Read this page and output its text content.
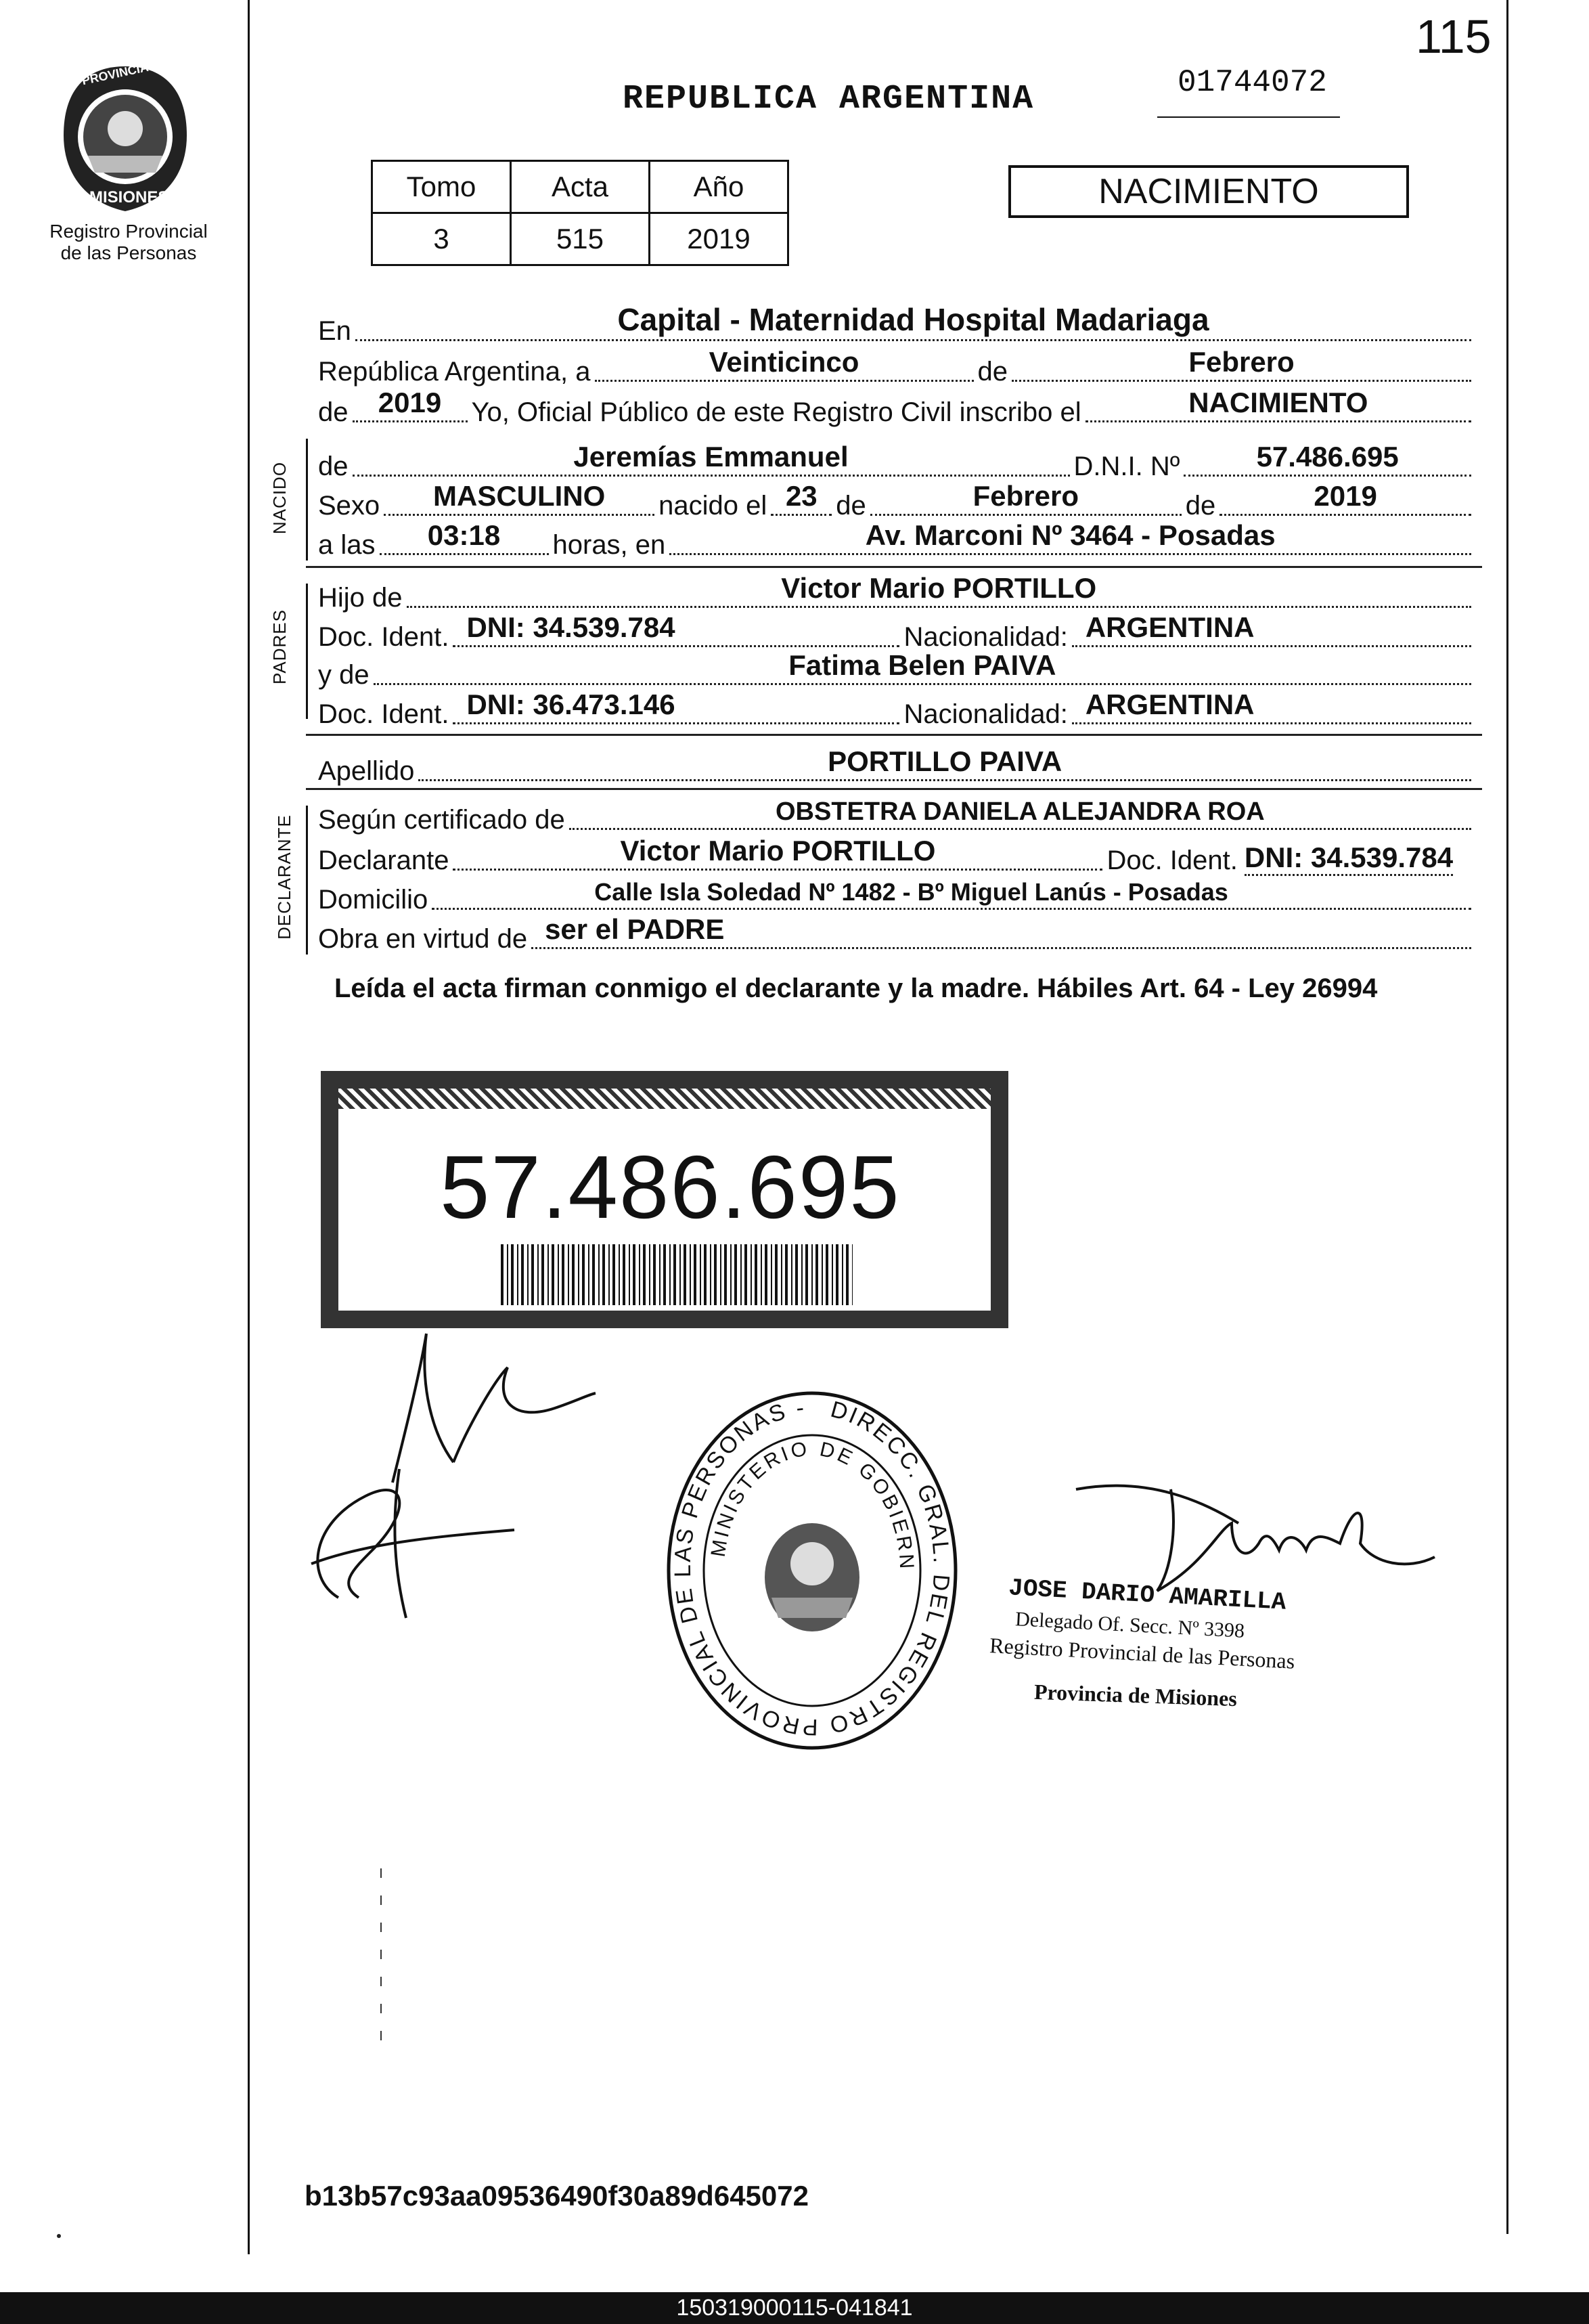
115
PROVINCIA DE
MISIONES
Registro Provincial
de las Personas
REPUBLICA ARGENTINA	01744072
Tomo	Acta	Año
3	515	2019
NACIMIENTO
En	Capital - Maternidad Hospital Madariaga
República Argentina, a	Veinticinco	de	Febrero
de 2019 Yo, Oficial Público de este Registro Civil inscribo el	NACIMIENTO
NACIDO de	Jeremías Emmanuel	D.N.I. Nº	57.486.695
Sexo MASCULINO nacido el 23 de	Febrero	de	2019
a las 03:18 horas, en	Av. Marconi Nº 3464 - Posadas
PADRES
Hijo de	Victor Mario PORTILLO
Doc. Ident. DNI: 34.539.784	Nacionalidad: ARGENTINA
y de	Fatima Belen PAIVA
Doc. Ident. DNI: 36.473.146	Nacionalidad: ARGENTINA
Apellido	PORTILLO PAIVA
DECLARANTE Según certificado de	OBSTETRA DANIELA ALEJANDRA ROA
Declarante	Victor Mario PORTILLO	Doc. Ident. DNI: 34.539.784
Domicilio	Calle Isla Soledad Nº 1482 - Bº Miguel Lanús - Posadas
Obra en virtud de ser el PADRE
Leída el acta firman conmigo el declarante y la madre. Hábiles Art. 64 - Ley 26994
57.486.695
DIRECC. GRAL. DEL REGISTRO PROVINCIAL DE LAS PERSONAS -
MINISTERIO DE GOBIERN
JOSE DARIO AMARILLA
Delegado Of. Secc. Nº 3398
Registro Provincial de las Personas
Provincia de Misiones
b13b57c93aa09536490f30a89d645072
150319000115-041841
